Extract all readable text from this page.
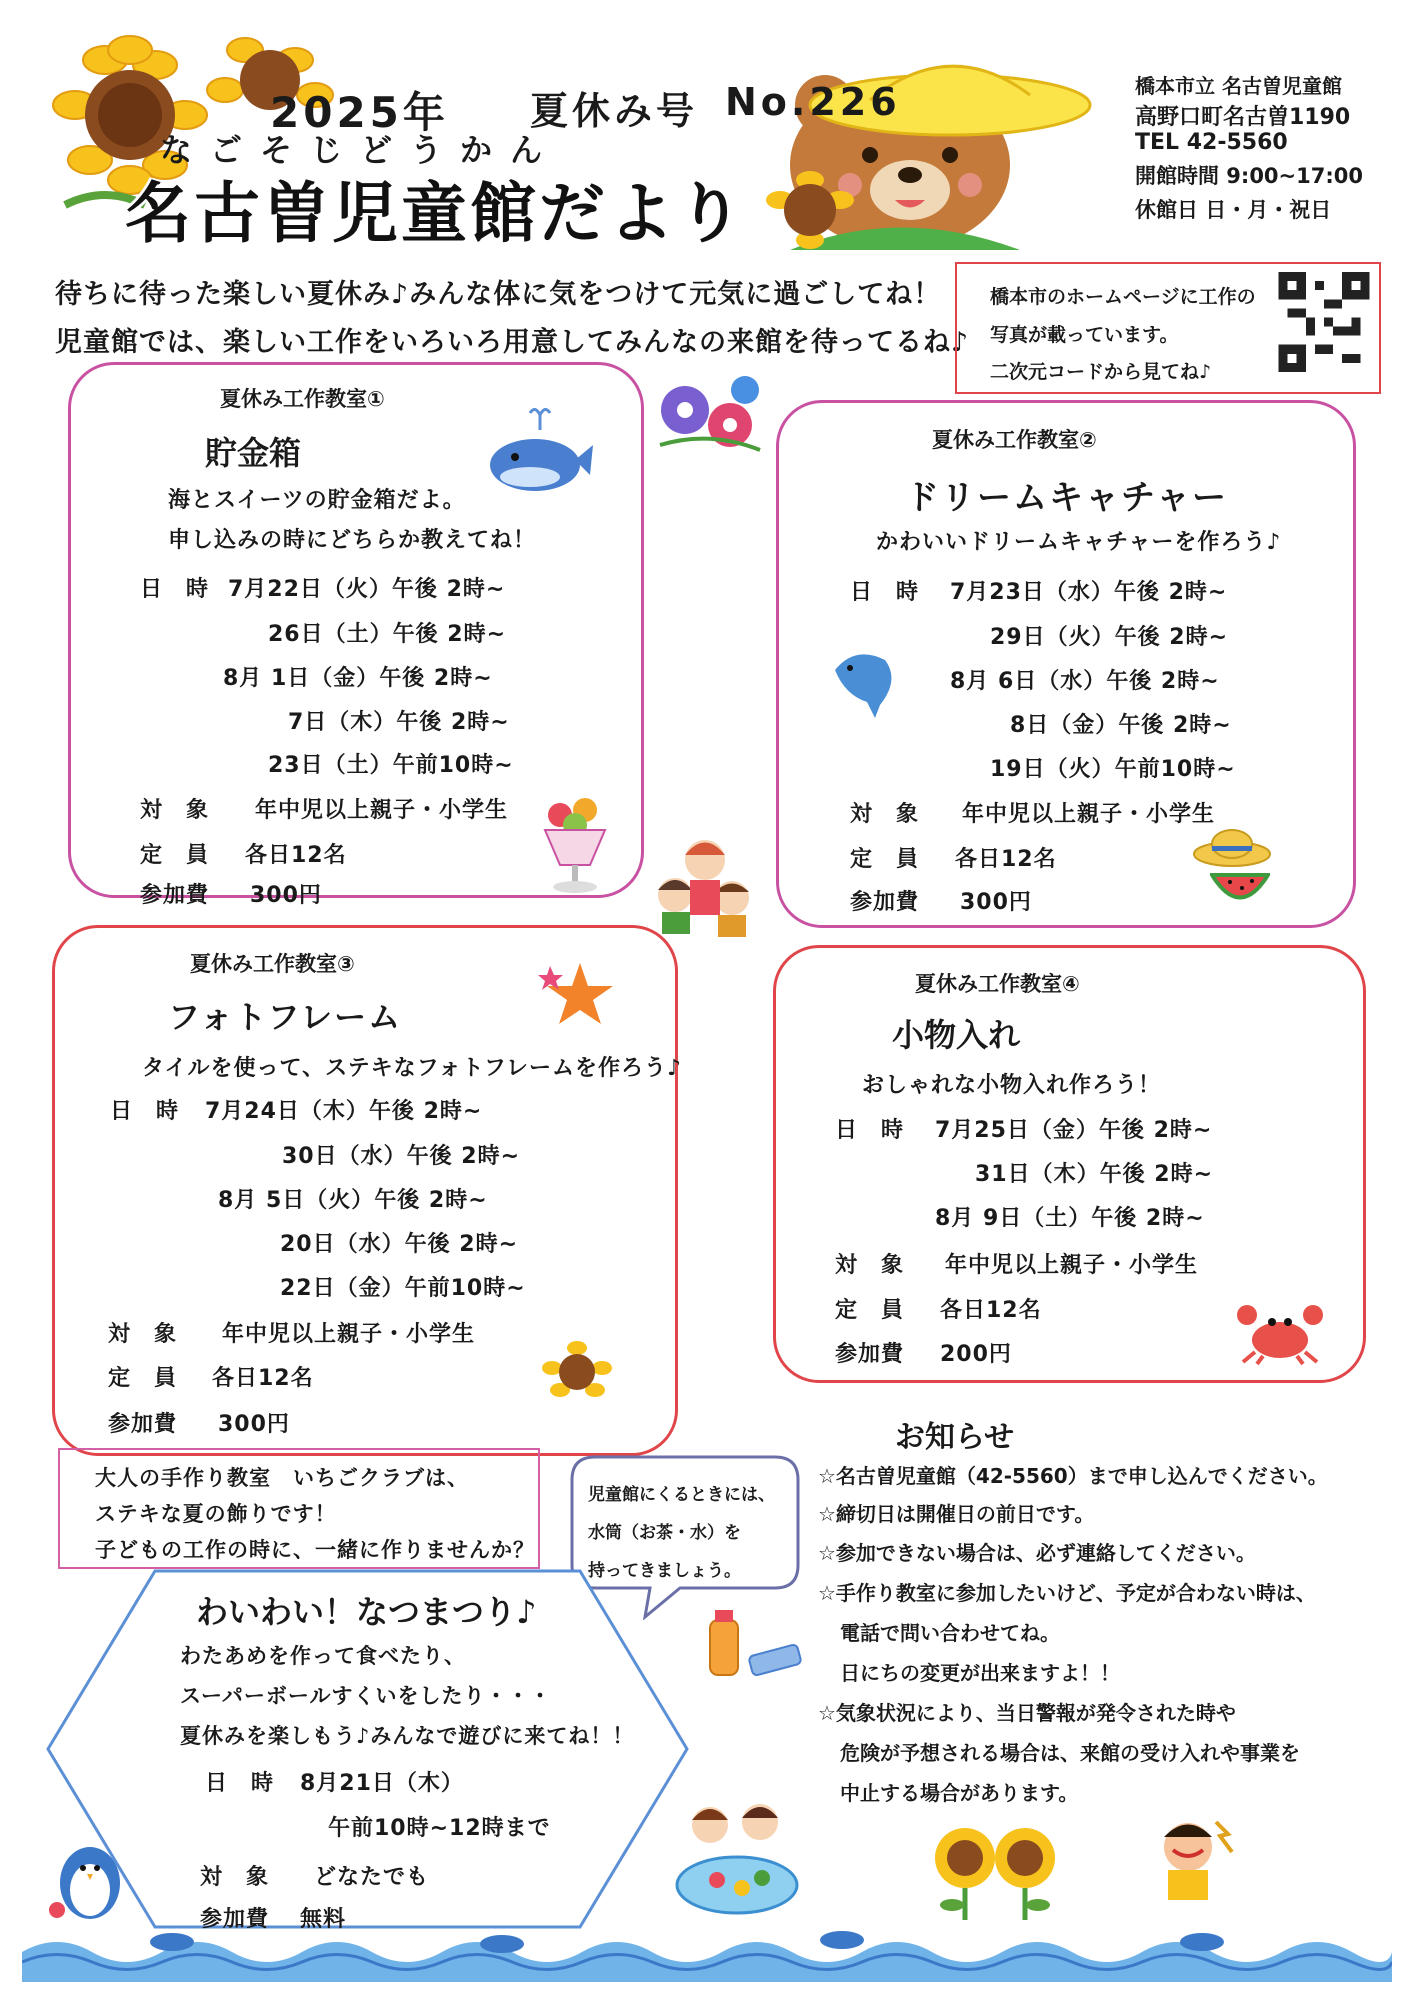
2025年 夏休み号 No.226
なごそじどうかん
名古曽児童館だより
橋本市立 名古曽児童館
高野口町名古曽1190
TEL 42-5560
開館時間 9:00~17:00
休館日 日・月・祝日
待ちに待った楽しい夏休み♪みんな体に気をつけて元気に過ごしてね！
児童館では、楽しい工作をいろいろ用意してみんなの来館を待ってるね♪
橋本市のホームページに工作の
写真が載っています。
二次元コードから見てね♪
夏休み工作教室①
貯金箱
海とスイーツの貯金箱だよ。
申し込みの時にどちらか教えてね！
日　時 7月22日（火）午後 2時~
26日（土）午後 2時~
8月 1日（金）午後 2時~
7日（木）午後 2時~
23日（土）午前10時~
対　象 年中児以上親子・小学生
定　員 各日12名
参加費 300円
夏休み工作教室②
ドリームキャチャー
かわいいドリームキャチャーを作ろう♪
日　時 7月23日（水）午後 2時~
29日（火）午後 2時~
8月 6日（水）午後 2時~
8日（金）午後 2時~
19日（火）午前10時~
対　象 年中児以上親子・小学生
定　員 各日12名
参加費 300円
夏休み工作教室③
フォトフレーム
タイルを使って、ステキなフォトフレームを作ろう♪
日　時 7月24日（木）午後 2時~
30日（水）午後 2時~
8月 5日（火）午後 2時~
20日（水）午後 2時~
22日（金）午前10時~
対　象 年中児以上親子・小学生
定　員 各日12名
参加費 300円
夏休み工作教室④
小物入れ
おしゃれな小物入れ作ろう！
日　時 7月25日（金）午後 2時~
31日（木）午後 2時~
8月 9日（土）午後 2時~
対　象 年中児以上親子・小学生
定　員 各日12名
参加費 200円
大人の手作り教室　いちごクラブは、
ステキな夏の飾りです！
子どもの工作の時に、一緒に作りませんか？
児童館にくるときには、
水筒（お茶・水）を
持ってきましょう。
わいわい！なつまつり♪
わたあめを作って食べたり、
スーパーボールすくいをしたり・・・
夏休みを楽しもう♪みんなで遊びに来てね！！
日　時 8月21日（木）
午前10時~12時まで
対　象 どなたでも
参加費 無料
お知らせ
☆名古曽児童館（42-5560）まで申し込んでください。
☆締切日は開催日の前日です。
☆参加できない場合は、必ず連絡してください。
☆手作り教室に参加したいけど、予定が合わない時は、
電話で問い合わせてね。
日にちの変更が出来ますよ！！
☆気象状況により、当日警報が発令された時や
危険が予想される場合は、来館の受け入れや事業を
中止する場合があります。
